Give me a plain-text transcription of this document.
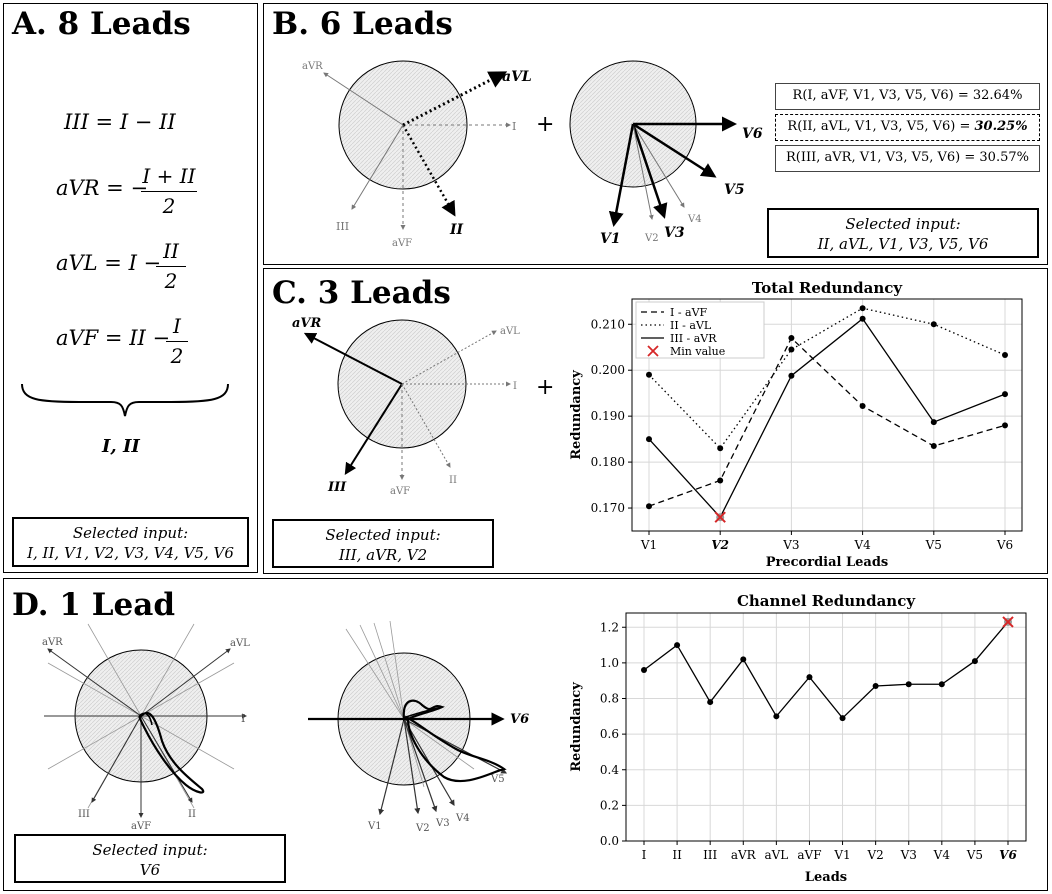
A. 8 Leads
III = I − II
aVR = −
I + II
2
aVL = I − II
2
aVF = II − I
2
I, II
Selected input:
I, II, V1, V2, V3, V4, V5, V6
B. 6 Leads
aVR
aVL
I
III
aVF
II
+	V6
V5
V4
V3
V2
V1
R(I, aVF, V1, V3, V5, V6) = 32.64%
R(II, aVL, V1, V3, V5, V6) = 30.25%
R(III, aVR, V1, V3, V5, V6) = 30.57%
Selected input:
II, aVL, V1, V3, V5, V6
C. 3 Leads
aVR
aVL
I
III	aVF
II
+
Selected input:
III, aVR, V2
Total Redundancy
0.170
0.180
0.190
0.200
0.210
V1	V2	V3	V4	V5	V6
Precordial Leads
Redundancy
I - aVF
II - aVL
III - aVR
Min value
D. 1 Lead
aVR	aVL
I
III
aVF
II
V6
V5
V4
V3
V2
V1
Selected input:
V6
Channel Redundancy
0.0
0.2
0.4
0.6
0.8
1.0
1.2
I II III aVR aVL aVF V1 V2 V3 V4 V5 V6
Leads
Redundancy
